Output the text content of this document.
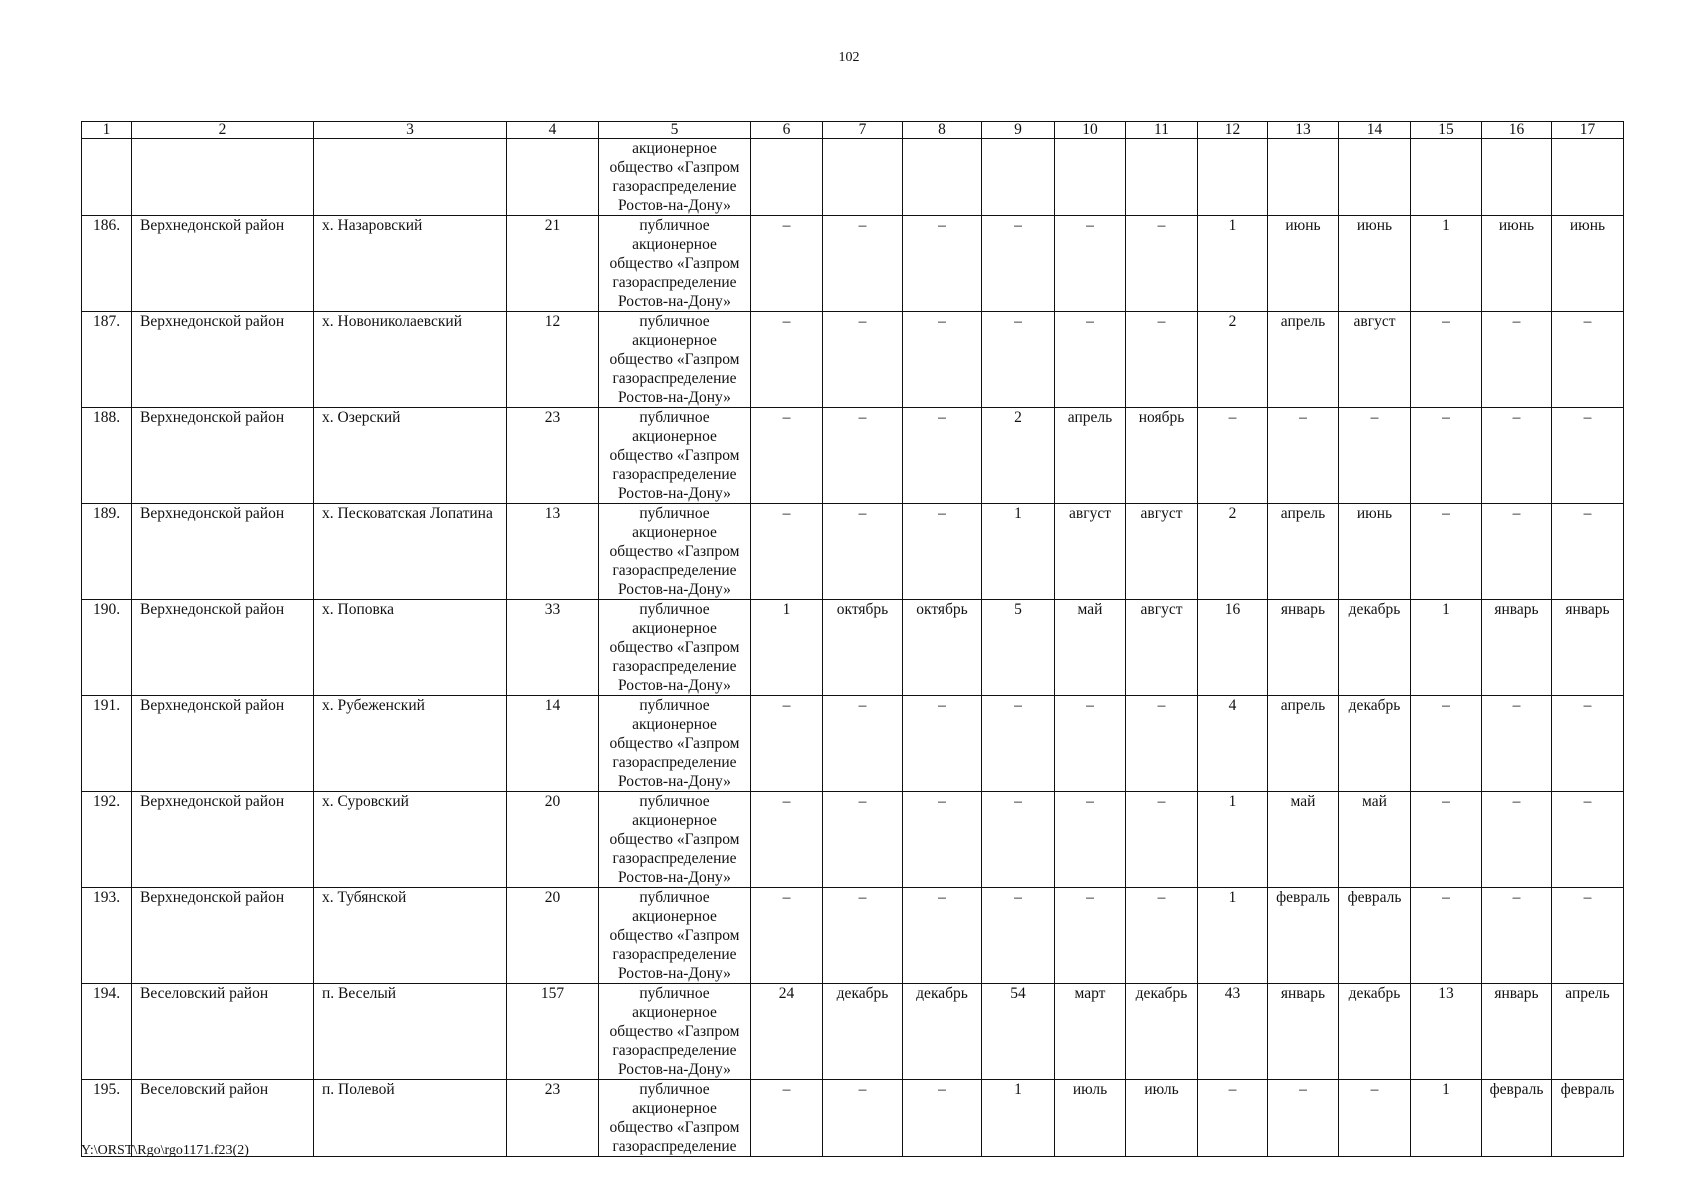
102
1	2	3	4	5	6	7	8	9	10	11	12	13	14	15	16	17
				акционерное общество «Газпром газораспределение Ростов-на-Дону»												
186.	Верхнедонской район	х. Назаровский	21	публичное акционерное общество «Газпром газораспределение Ростов-на-Дону»	–	–	–	–	–	–	1	июнь	июнь	1	июнь	июнь
187.	Верхнедонской район	х. Новониколаевский	12	публичное акционерное общество «Газпром газораспределение Ростов-на-Дону»	–	–	–	–	–	–	2	апрель	август	–	–	–
188.	Верхнедонской район	х. Озерский	23	публичное акционерное общество «Газпром газораспределение Ростов-на-Дону»	–	–	–	2	апрель	ноябрь	–	–	–	–	–	–
189.	Верхнедонской район	х. Песковатская Лопатина	13	публичное акционерное общество «Газпром газораспределение Ростов-на-Дону»	–	–	–	1	август	август	2	апрель	июнь	–	–	–
190.	Верхнедонской район	х. Поповка	33	публичное акционерное общество «Газпром газораспределение Ростов-на-Дону»	1	октябрь	октябрь	5	май	август	16	январь	декабрь	1	январь	январь
191.	Верхнедонской район	х. Рубеженский	14	публичное акционерное общество «Газпром газораспределение Ростов-на-Дону»	–	–	–	–	–	–	4	апрель	декабрь	–	–	–
192.	Верхнедонской район	х. Суровский	20	публичное акционерное общество «Газпром газораспределение Ростов-на-Дону»	–	–	–	–	–	–	1	май	май	–	–	–
193.	Верхнедонской район	х. Тубянской	20	публичное акционерное общество «Газпром газораспределение Ростов-на-Дону»	–	–	–	–	–	–	1	февраль	февраль	–	–	–
194.	Веселовский район	п. Веселый	157	публичное акционерное общество «Газпром газораспределение Ростов-на-Дону»	24	декабрь	декабрь	54	март	декабрь	43	январь	декабрь	13	январь	апрель
195.	Веселовский район	п. Полевой	23	публичное акционерное общество «Газпром газораспределение	–	–	–	1	июль	июль	–	–	–	1	февраль	февраль
Y:\ORST\Rgo\rgo1171.f23(2)
